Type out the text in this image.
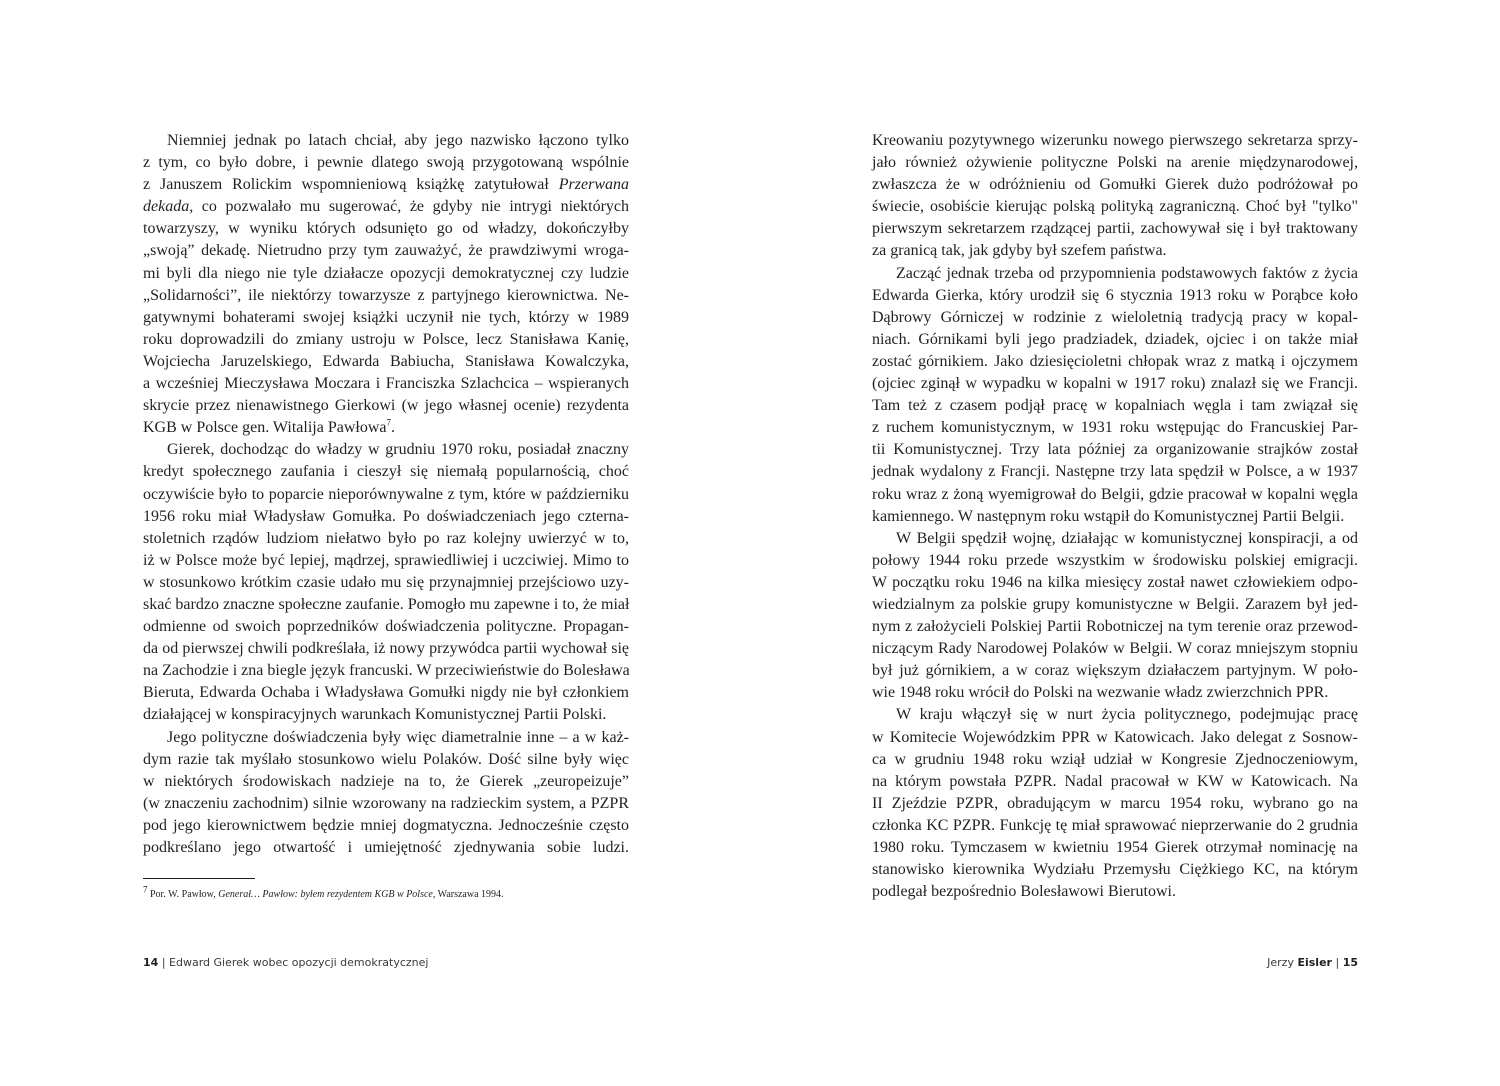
Niemniej jednak po latach chciał, aby jego nazwisko łączono tylko
z tym, co było dobre, i pewnie dlatego swoją przygotowaną wspólnie
z Januszem Rolickim wspomnieniową książkę zatytułował Przerwana
dekada, co pozwalało mu sugerować, że gdyby nie intrygi niektórych
towarzyszy, w wyniku których odsunięto go od władzy, dokończyłby
„swoją” dekadę. Nietrudno przy tym zauważyć, że prawdziwymi wroga-
mi byli dla niego nie tyle działacze opozycji demokratycznej czy ludzie
„Solidarności”, ile niektórzy towarzysze z partyjnego kierownictwa. Ne-
gatywnymi bohaterami swojej książki uczynił nie tych, którzy w 1989
roku doprowadzili do zmiany ustroju w Polsce, lecz Stanisława Kanię,
Wojciecha Jaruzelskiego, Edwarda Babiucha, Stanisława Kowalczyka,
a wcześniej Mieczysława Moczara i Franciszka Szlachcica – wspieranych
skrycie przez nienawistnego Gierkowi (w jego własnej ocenie) rezydenta
KGB w Polsce gen. Witalija Pawłowa$^7$.
Gierek, dochodząc do władzy w grudniu 1970 roku, posiadał znaczny
kredyt społecznego zaufania i cieszył się niemałą popularnością, choć
oczywiście było to poparcie nieporównywalne z tym, które w październiku
1956 roku miał Władysław Gomułka. Po doświadczeniach jego czterna-
stoletnich rządów ludziom niełatwo było po raz kolejny uwierzyć w to,
iż w Polsce może być lepiej, mądrzej, sprawiedliwiej i uczciwiej. Mimo to
w stosunkowo krótkim czasie udało mu się przynajmniej przejściowo uzy-
skać bardzo znaczne społeczne zaufanie. Pomogło mu zapewne i to, że miał
odmienne od swoich poprzedników doświadczenia polityczne. Propagan-
da od pierwszej chwili podkreślała, iż nowy przywódca partii wychował się
na Zachodzie i zna biegle język francuski. W przeciwieństwie do Bolesława
Bieruta, Edwarda Ochaba i Władysława Gomułki nigdy nie był członkiem
działającej w konspiracyjnych warunkach Komunistycznej Partii Polski.
Jego polityczne doświadczenia były więc diametralnie inne – a w każ-
dym razie tak myślało stosunkowo wielu Polaków. Dość silne były więc
w niektórych środowiskach nadzieje na to, że Gierek „zeuropeizuje”
(w znaczeniu zachodnim) silnie wzorowany na radzieckim system, a PZPR
pod jego kierownictwem będzie mniej dogmatyczna. Jednocześnie często
podkreślano jego otwartość i umiejętność zjednywania sobie ludzi.
$^7$ Por. W. Pawłow, Generał… Pawłow: byłem rezydentem KGB w Polsce, Warszawa 1994.
14 | Edward Gierek wobec opozycji demokratycznej
Kreowaniu pozytywnego wizerunku nowego pierwszego sekretarza sprzy-
jało również ożywienie polityczne Polski na arenie międzynarodowej,
zwłaszcza że w odróżnieniu od Gomułki Gierek dużo podróżował po
świecie, osobiście kierując polską polityką zagraniczną. Choć był "tylko"
pierwszym sekretarzem rządzącej partii, zachowywał się i był traktowany
za granicą tak, jak gdyby był szefem państwa.
Zacząć jednak trzeba od przypomnienia podstawowych faktów z życia
Edwarda Gierka, który urodził się 6 stycznia 1913 roku w Porąbce koło
Dąbrowy Górniczej w rodzinie z wieloletnią tradycją pracy w kopal-
niach. Górnikami byli jego pradziadek, dziadek, ojciec i on także miał
zostać górnikiem. Jako dziesięcioletni chłopak wraz z matką i ojczymem
(ojciec zginął w wypadku w kopalni w 1917 roku) znalazł się we Francji.
Tam też z czasem podjął pracę w kopalniach węgla i tam związał się
z ruchem komunistycznym, w 1931 roku wstępując do Francuskiej Par-
tii Komunistycznej. Trzy lata później za organizowanie strajków został
jednak wydalony z Francji. Następne trzy lata spędził w Polsce, a w 1937
roku wraz z żoną wyemigrował do Belgii, gdzie pracował w kopalni węgla
kamiennego. W następnym roku wstąpił do Komunistycznej Partii Belgii.
W Belgii spędził wojnę, działając w komunistycznej konspiracji, a od
połowy 1944 roku przede wszystkim w środowisku polskiej emigracji.
W początku roku 1946 na kilka miesięcy został nawet człowiekiem odpo-
wiedzialnym za polskie grupy komunistyczne w Belgii. Zarazem był jed-
nym z założycieli Polskiej Partii Robotniczej na tym terenie oraz przewod-
niczącym Rady Narodowej Polaków w Belgii. W coraz mniejszym stopniu
był już górnikiem, a w coraz większym działaczem partyjnym. W poło-
wie 1948 roku wrócił do Polski na wezwanie władz zwierzchnich PPR.
W kraju włączył się w nurt życia politycznego, podejmując pracę
w Komitecie Wojewódzkim PPR w Katowicach. Jako delegat z Sosnow-
ca w grudniu 1948 roku wziął udział w Kongresie Zjednoczeniowym,
na którym powstała PZPR. Nadal pracował w KW w Katowicach. Na
II Zjeździe PZPR, obradującym w marcu 1954 roku, wybrano go na
członka KC PZPR. Funkcję tę miał sprawować nieprzerwanie do 2 grudnia
1980 roku. Tymczasem w kwietniu 1954 Gierek otrzymał nominację na
stanowisko kierownika Wydziału Przemysłu Ciężkiego KC, na którym
podlegał bezpośrednio Bolesławowi Bierutowi.
Jerzy Eisler | 15
